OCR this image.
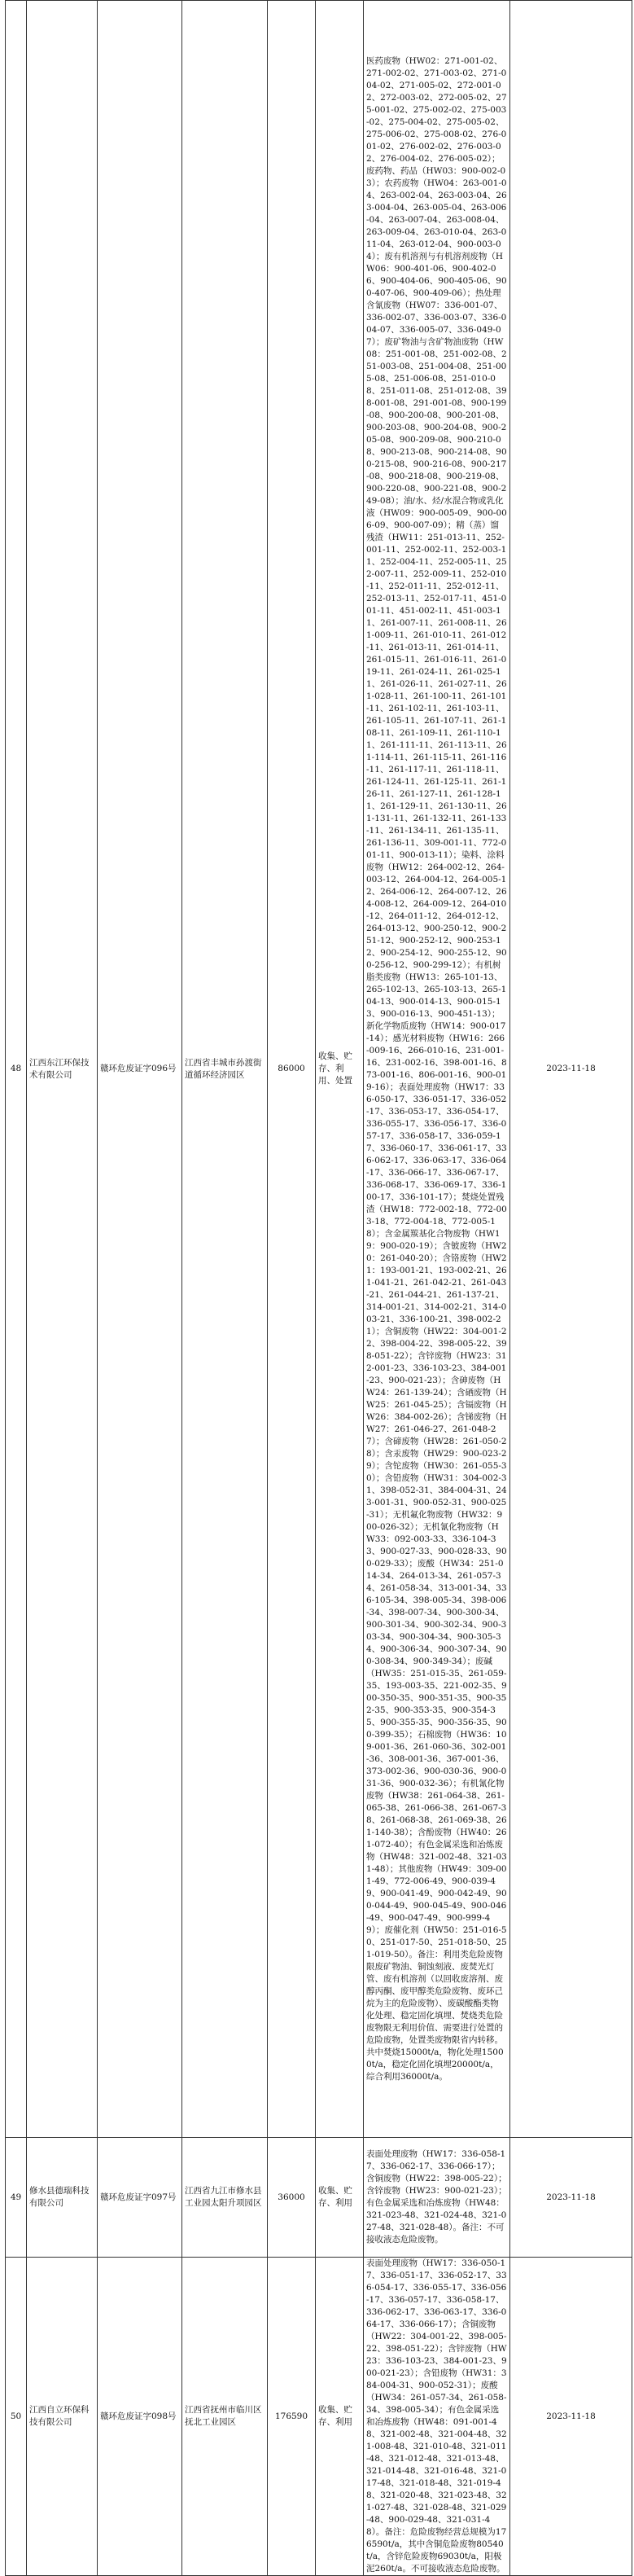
48	江西东江环保技术有限公司	赣环危废证字096号	江西省丰城市孙渡街道循环经济园区	86000	收集、贮存、利用、处置	医药废物（HW02：271-001-02、271-002-02、271-003-02、271-004-02、271-005-02、272-001-02、272-003-02、272-005-02、275-001-02、275-002-02、275-003-02、275-004-02、275-005-02、275-006-02、275-008-02、276-001-02、276-002-02、276-003-02、276-004-02、276-005-02）；废药物、药品（HW03：900-002-03）；农药废物（HW04：263-001-04、263-002-04、263-003-04、263-004-04、263-005-04、263-006-04、263-007-04、263-008-04、263-009-04、263-010-04、263-011-04、263-012-04、900-003-04）；废有机溶剂与有机溶剂废物（HW06：900-401-06、900-402-06、900-404-06、900-405-06、900-407-06、900-409-06）；热处理含氰废物（HW07：336-001-07、336-002-07、336-003-07、336-004-07、336-005-07、336-049-07）；废矿物油与含矿物油废物（HW08：251-001-08、251-002-08、251-003-08、251-004-08、251-005-08、251-006-08、251-010-08、251-011-08、251-012-08、398-001-08、291-001-08、900-199-08、900-200-08、900-201-08、900-203-08、900-204-08、900-205-08、900-209-08、900-210-08、900-213-08、900-214-08、900-215-08、900-216-08、900-217-08、900-218-08、900-219-08、900-220-08、900-221-08、900-249-08）；油/水、烃/水混合物或乳化液（HW09：900-005-09、900-006-09、900-007-09）；精（蒸）馏残渣（HW11：251-013-11、252-001-11、252-002-11、252-003-11、252-004-11、252-005-11、252-007-11、252-009-11、252-010-11、252-011-11、252-012-11、252-013-11、252-017-11、451-001-11、451-002-11、451-003-11、261-007-11、261-008-11、261-009-11、261-010-11、261-012-11、261-013-11、261-014-11、261-015-11、261-016-11、261-019-11、261-024-11、261-025-11、261-026-11、261-027-11、261-028-11、261-100-11、261-101-11、261-102-11、261-103-11、261-105-11、261-107-11、261-108-11、261-109-11、261-110-11、261-111-11、261-113-11、261-114-11、261-115-11、261-116-11、261-117-11、261-118-11、261-124-11、261-125-11、261-126-11、261-127-11、261-128-11、261-129-11、261-130-11、261-131-11、261-132-11、261-133-11、261-134-11、261-135-11、261-136-11、309-001-11、772-001-11、900-013-11）；染料、涂料废物（HW12：264-002-12、264-003-12、264-004-12、264-005-12、264-006-12、264-007-12、264-008-12、264-009-12、264-010-12、264-011-12、264-012-12、264-013-12、900-250-12、900-251-12、900-252-12、900-253-12、900-254-12、900-255-12、900-256-12、900-299-12）；有机树脂类废物（HW13：265-101-13、265-102-13、265-103-13、265-104-13、900-014-13、900-015-13、900-016-13、900-451-13）；新化学物质废物（HW14：900-017-14）；感光材料废物（HW16：266-009-16、266-010-16、231-001-16、231-002-16、398-001-16、873-001-16、806-001-16、900-019-16）；表面处理废物（HW17：336-050-17、336-051-17、336-052-17、336-053-17、336-054-17、336-055-17、336-056-17、336-057-17、336-058-17、336-059-17、336-060-17、336-061-17、336-062-17、336-063-17、336-064-17、336-066-17、336-067-17、336-068-17、336-069-17、336-100-17、336-101-17）；焚烧处置残渣（HW18：772-002-18、772-003-18、772-004-18、772-005-18）；含金属羰基化合物废物（HW19：900-020-19）；含铍废物（HW20：261-040-20）；含铬废物（HW21：193-001-21、193-002-21、261-041-21、261-042-21、261-043-21、261-044-21、261-137-21、314-001-21、314-002-21、314-003-21、336-100-21、398-002-21）；含铜废物（HW22：304-001-22、398-004-22、398-005-22、398-051-22）；含锌废物（HW23：312-001-23、336-103-23、384-001-23、900-021-23）；含砷废物（HW24：261-139-24）；含硒废物（HW25：261-045-25）；含镉废物（HW26：384-002-26）；含锑废物（HW27：261-046-27、261-048-27）；含碲废物（HW28：261-050-28）；含汞废物（HW29：900-023-29）；含铊废物（HW30：261-055-30）；含铅废物（HW31：304-002-31、398-052-31、384-004-31、243-001-31、900-052-31、900-025-31）；无机氟化物废物（HW32：900-026-32）；无机氰化物废物（HW33：092-003-33、336-104-33、900-027-33、900-028-33、900-029-33）；废酸（HW34：251-014-34、264-013-34、261-057-34、261-058-34、313-001-34、336-105-34、398-005-34、398-006-34、398-007-34、900-300-34、900-301-34、900-302-34、900-303-34、900-304-34、900-305-34、900-306-34、900-307-34、900-308-34、900-349-34）；废碱（HW35：251-015-35、261-059-35、193-003-35、221-002-35、900-350-35、900-351-35、900-352-35、900-353-35、900-354-35、900-355-35、900-356-35、900-399-35）；石棉废物（HW36：109-001-36、261-060-36、302-001-36、308-001-36、367-001-36、373-002-36、900-030-36、900-031-36、900-032-36）；有机氰化物废物（HW38：261-064-38、261-065-38、261-066-38、261-067-38、261-068-38、261-069-38、261-140-38）；含酚废物（HW40：261-072-40）；有色金属采选和冶炼废物（HW48：321-002-48、321-031-48）；其他废物（HW49：309-001-49、772-006-49、900-039-49、900-041-49、900-042-49、900-044-49、900-045-49、900-046-49、900-047-49、900-999-49）；废催化剂（HW50：251-016-50、251-017-50、251-018-50、251-019-50）。备注：利用类危险废物限废矿物油、铜蚀刻液、废焚光灯管、废有机溶剂（以回收废溶剂、废醇丙酮、废甲醇类危险废物、废环己烷为主的危险废物）、废碳酸酯类物化处理、稳定固化填埋、焚烧类危险废物限无利用价值、需要进行处置的危险废物，处置类废物限省内转移。共中焚烧15000t/a，物化处理15000t/a，稳定化固化填埋20000t/a，综合利用36000t/a。	2023-11-18
49	修水县德瑞科技有限公司	赣环危废证字097号	江西省九江市修水县工业园太阳升项园区	36000	收集、贮存、利用	表面处理废物（HW17：336-058-17、336-062-17、336-066-17）；含铜废物（HW22：398-005-22）；含锌废物（HW23：900-021-23）；有色金属采选和冶炼废物（HW48：321-023-48、321-024-48、321-027-48、321-028-48）。备注：不可接收液态危险废物。	2023-11-18
50	江西自立环保科技有限公司	赣环危废证字098号	江西省抚州市临川区抚北工业园区	176590	收集、贮存、利用	表面处理废物（HW17：336-050-17、336-051-17、336-052-17、336-054-17、336-055-17、336-056-17、336-057-17、336-058-17、336-062-17、336-063-17、336-064-17、336-066-17）；含铜废物（HW22：304-001-22、398-005-22、398-051-22）；含锌废物（HW23：336-103-23、384-001-23、900-021-23）；含铅废物（HW31：384-004-31、900-052-31）；废酸（HW34：261-057-34、261-058-34、398-005-34）；有色金属采选和冶炼废物（HW48：091-001-48、321-002-48、321-004-48、321-008-48、321-010-48、321-011-48、321-012-48、321-013-48、321-014-48、321-016-48、321-017-48、321-018-48、321-019-48、321-020-48、321-023-48、321-027-48、321-028-48、321-029-48、900-029-48、321-031-48）。备注：危险废物经营总规模为176590t/a，其中含铜危险废物80540t/a，含锌危险废物69030t/a，阳极泥260t/a。不可接收液态危险废物。	2023-11-18
